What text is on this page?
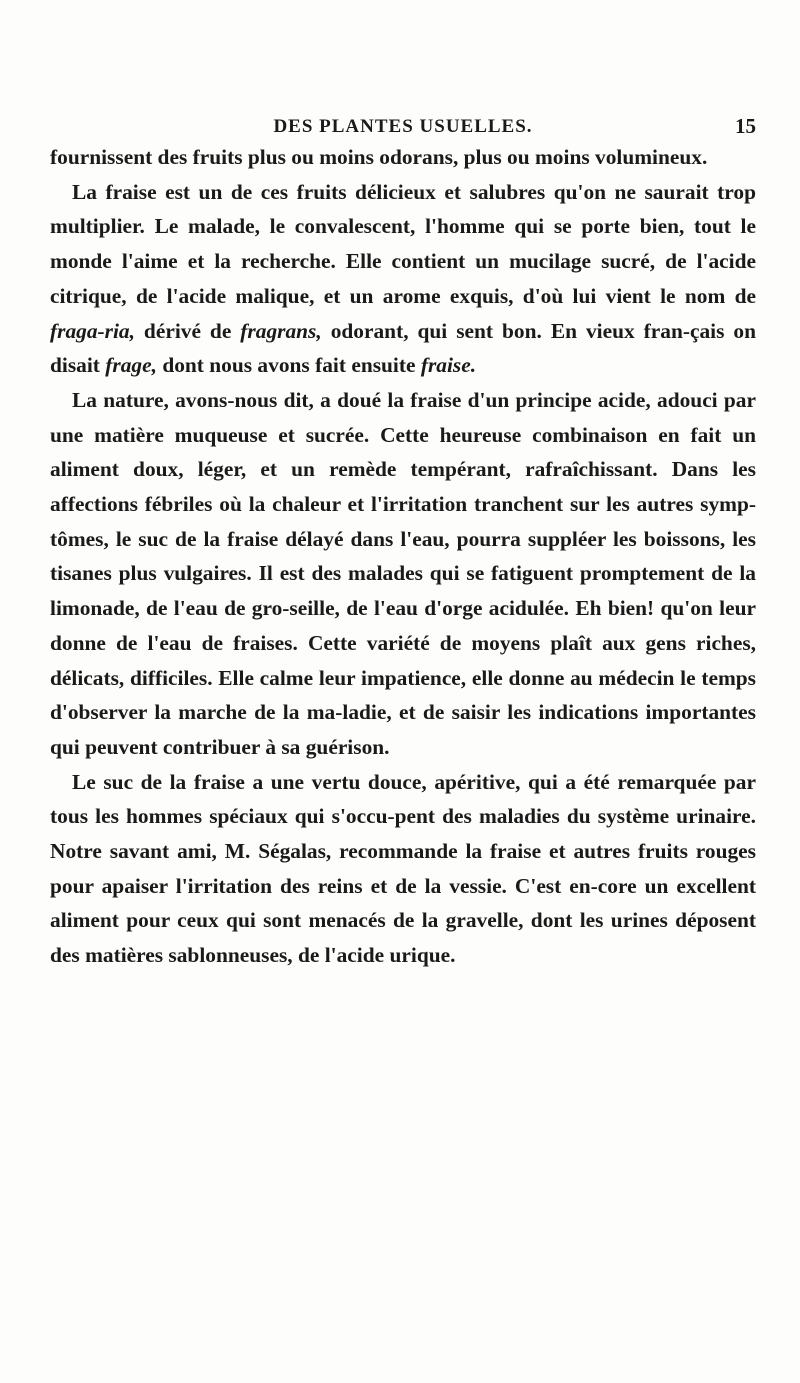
DES PLANTES USUELLES.	15

fournissent des fruits plus ou moins odorans, plus ou moins volumineux.

La fraise est un de ces fruits délicieux et salubres qu'on ne saurait trop multiplier. Le malade, le convalescent, l'homme qui se porte bien, tout le monde l'aime et la recherche. Elle contient un mucilage sucré, de l'acide citrique, de l'acide malique, et un arome exquis, d'où lui vient le nom de fraga-ria, dérivé de fragrans, odorant, qui sent bon. En vieux fran-çais on disait frage, dont nous avons fait ensuite fraise.

La nature, avons-nous dit, a doué la fraise d'un principe acide, adouci par une matière muqueuse et sucrée. Cette heureuse combinaison en fait un aliment doux, léger, et un remède tempérant, rafraîchissant. Dans les affections fébriles où la chaleur et l'irritation tranchent sur les autres symp-tômes, le suc de la fraise délayé dans l'eau, pourra suppléer les boissons, les tisanes plus vulgaires. Il est des malades qui se fatiguent promptement de la limonade, de l'eau de gro-seille, de l'eau d'orge acidulée. Eh bien! qu'on leur donne de l'eau de fraises. Cette variété de moyens plaît aux gens riches, délicats, difficiles. Elle calme leur impatience, elle donne au médecin le temps d'observer la marche de la ma-ladie, et de saisir les indications importantes qui peuvent contribuer à sa guérison.

Le suc de la fraise a une vertu douce, apéritive, qui a été remarquée par tous les hommes spéciaux qui s'occu-pent des maladies du système urinaire. Notre savant ami, M. Ségalas, recommande la fraise et autres fruits rouges pour apaiser l'irritation des reins et de la vessie. C'est en-core un excellent aliment pour ceux qui sont menacés de la gravelle, dont les urines déposent des matières sablonneuses, de l'acide urique.
